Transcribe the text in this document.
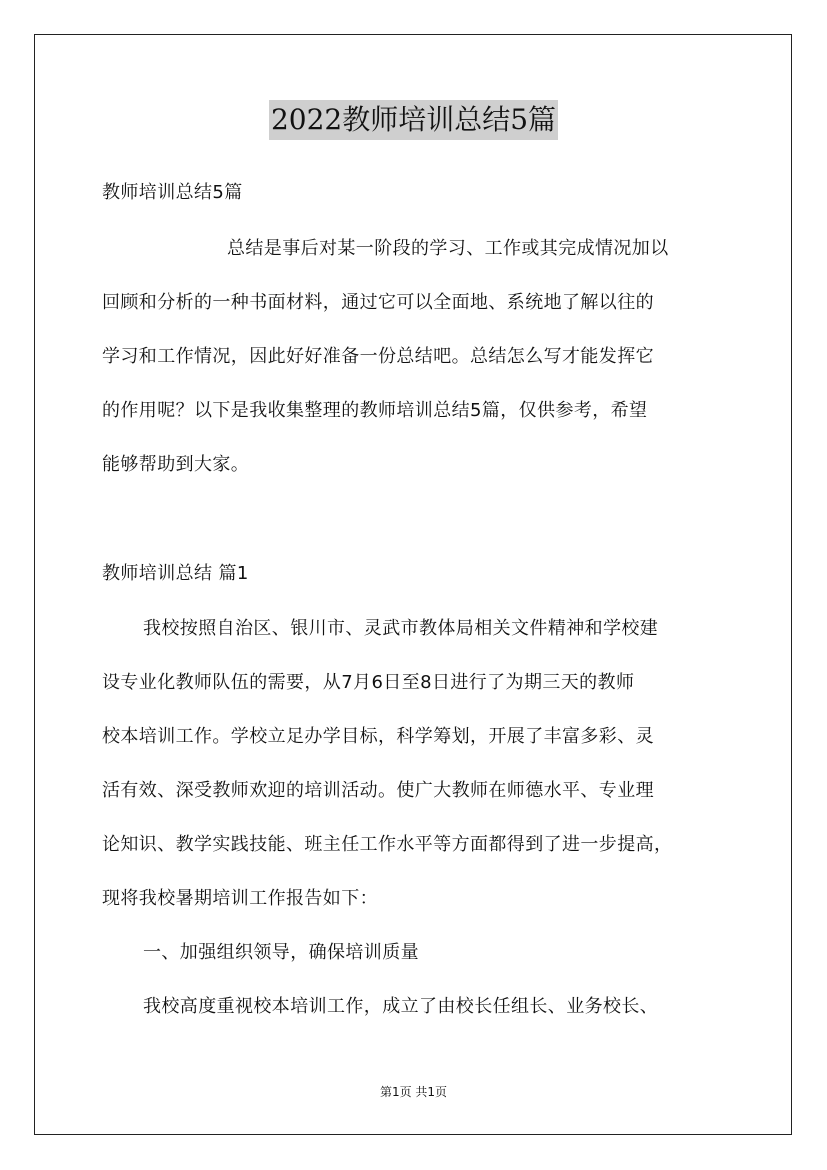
2022教师培训总结5篇
教师培训总结5篇
总结是事后对某一阶段的学习、工作或其完成情况加以
回顾和分析的一种书面材料，通过它可以全面地、系统地了解以往的
学习和工作情况，因此好好准备一份总结吧。总结怎么写才能发挥它
的作用呢？以下是我收集整理的教师培训总结5篇，仅供参考，希望
能够帮助到大家。
教师培训总结 篇1
我校按照自治区、银川市、灵武市教体局相关文件精神和学校建
设专业化教师队伍的需要，从7月6日至8日进行了为期三天的教师
校本培训工作。学校立足办学目标，科学筹划，开展了丰富多彩、灵
活有效、深受教师欢迎的培训活动。使广大教师在师德水平、专业理
论知识、教学实践技能、班主任工作水平等方面都得到了进一步提高，
现将我校暑期培训工作报告如下：
一、加强组织领导，确保培训质量
我校高度重视校本培训工作，成立了由校长任组长、业务校长、
第1页 共1页
